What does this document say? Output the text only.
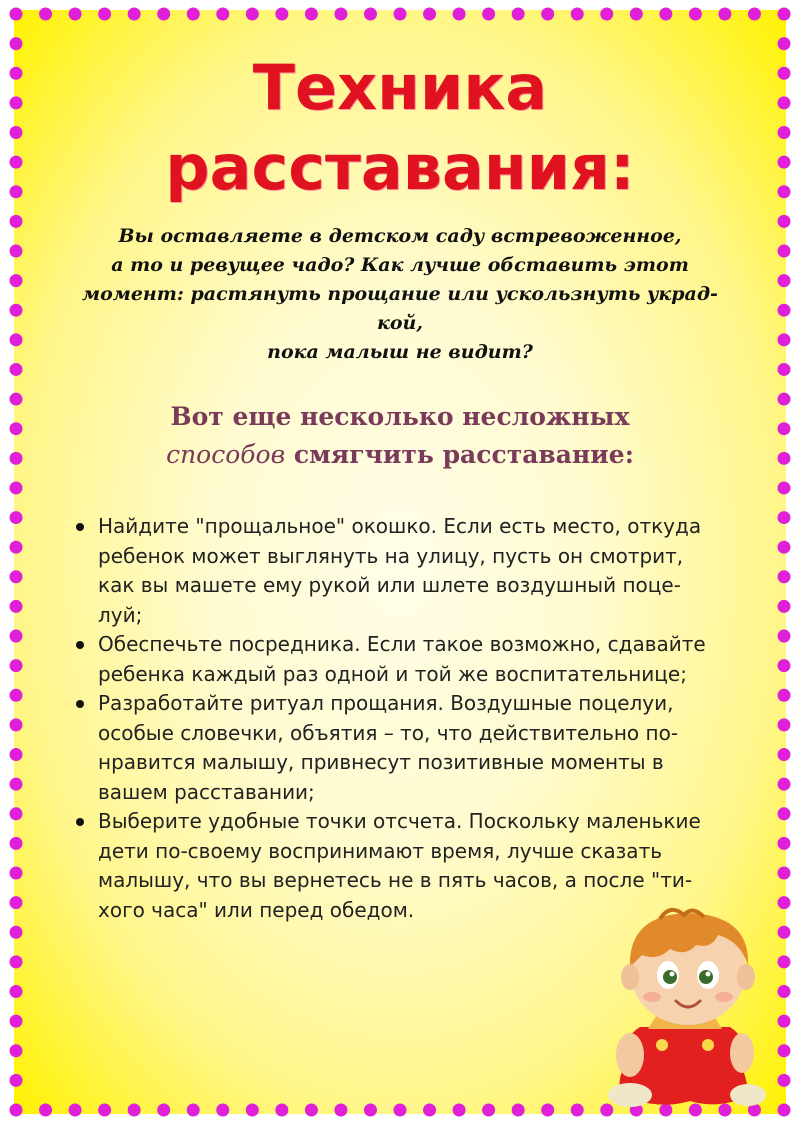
Техника
расставания:
Вы оставляете в детском саду встревоженное,
а то и ревущее чадо? Как лучше обставить этот
момент: растянуть прощание или ускользнуть украд-
кой,
пока малыш не видит?
Вот еще несколько несложных
способов смягчить расставание:
Найдите "прощальное" окошко. Если есть место, откуда
ребенок может выглянуть на улицу, пусть он смотрит,
как вы машете ему рукой или шлете воздушный поце-
луй;
Обеспечьте посредника. Если такое возможно, сдавайте
ребенка каждый раз одной и той же воспитательнице;
Разработайте ритуал прощания. Воздушные поцелуи,
особые словечки, объятия – то, что действительно по-
нравится малышу, привнесут позитивные моменты в
вашем расставании;
Выберите удобные точки отсчета. Поскольку маленькие
дети по-своему воспринимают время, лучше сказать
малышу, что вы вернетесь не в пять часов, а после "ти-
хого часа" или перед обедом.
